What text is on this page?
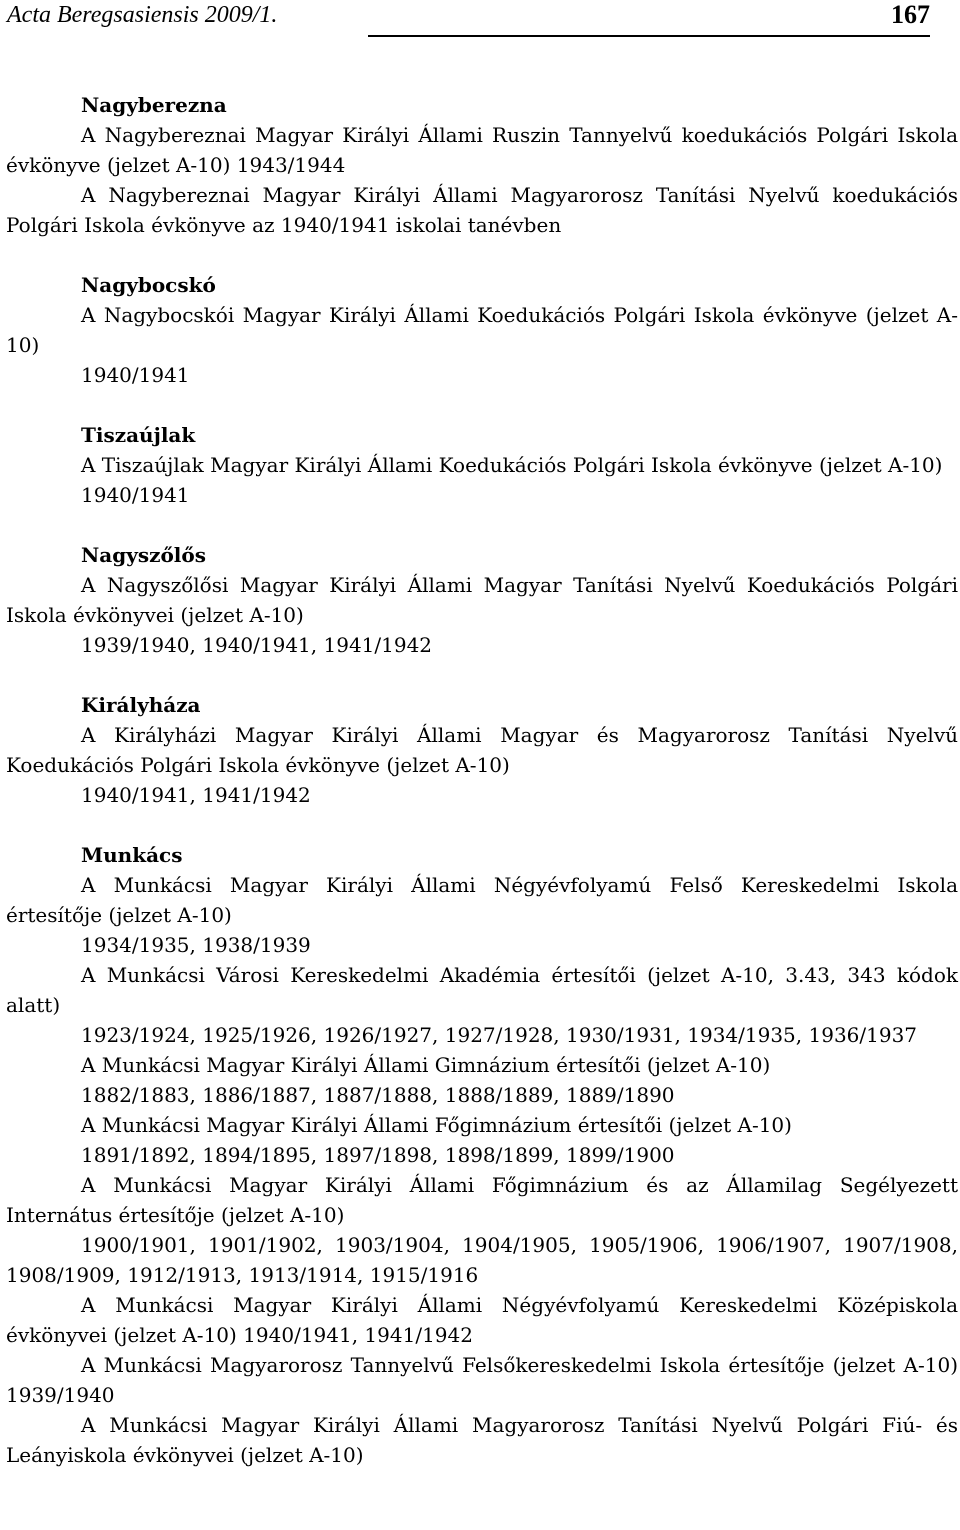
Acta Beregsasiensis 2009/1.	167
Nagyberezna
A Nagybereznai Magyar Királyi Állami Ruszin Tannyelvű koedukációs Polgári Iskola évkönyve (jelzet A-10) 1943/1944
A Nagybereznai Magyar Királyi Állami Magyarorosz Tanítási Nyelvű koedukációs Polgári Iskola évkönyve az 1940/1941 iskolai tanévben
Nagybocskó
A Nagybocskói Magyar Királyi Állami Koedukációs Polgári Iskola évkönyve (jelzet A-10)
1940/1941
Tiszaújlak
A Tiszaújlak Magyar Királyi Állami Koedukációs Polgári Iskola évkönyve (jelzet A-10)
1940/1941
Nagyszőlős
A Nagyszőlősi Magyar Királyi Állami Magyar Tanítási Nyelvű Koedukációs Polgári Iskola évkönyvei (jelzet A-10)
1939/1940, 1940/1941, 1941/1942
Királyháza
A Királyházi Magyar Királyi Állami Magyar és Magyarorosz Tanítási Nyelvű Koedukációs Polgári Iskola évkönyve (jelzet A-10)
1940/1941, 1941/1942
Munkács
A Munkácsi Magyar Királyi Állami Négyévfolyamú Felső Kereskedelmi Iskola értesítője (jelzet A-10)
1934/1935, 1938/1939
A Munkácsi Városi Kereskedelmi Akadémia értesítői (jelzet A-10, 3.43, 343 kódok alatt)
1923/1924, 1925/1926, 1926/1927, 1927/1928, 1930/1931, 1934/1935, 1936/1937
A Munkácsi Magyar Királyi Állami Gimnázium értesítői (jelzet A-10)
1882/1883, 1886/1887, 1887/1888, 1888/1889, 1889/1890
A Munkácsi Magyar Királyi Állami Főgimnázium értesítői (jelzet A-10)
1891/1892, 1894/1895, 1897/1898, 1898/1899, 1899/1900
A Munkácsi Magyar Királyi Állami Főgimnázium és az Államilag Segélyezett Internátus értesítője (jelzet A-10)
1900/1901, 1901/1902, 1903/1904, 1904/1905, 1905/1906, 1906/1907, 1907/1908, 1908/1909, 1912/1913, 1913/1914, 1915/1916
A Munkácsi Magyar Királyi Állami Négyévfolyamú Kereskedelmi Középiskola évkönyvei (jelzet A-10) 1940/1941, 1941/1942
A Munkácsi Magyarorosz Tannyelvű Felsőkereskedelmi Iskola értesítője (jelzet A-10) 1939/1940
A Munkácsi Magyar Királyi Állami Magyarorosz Tanítási Nyelvű Polgári Fiú- és Leányiskola évkönyvei (jelzet A-10)
